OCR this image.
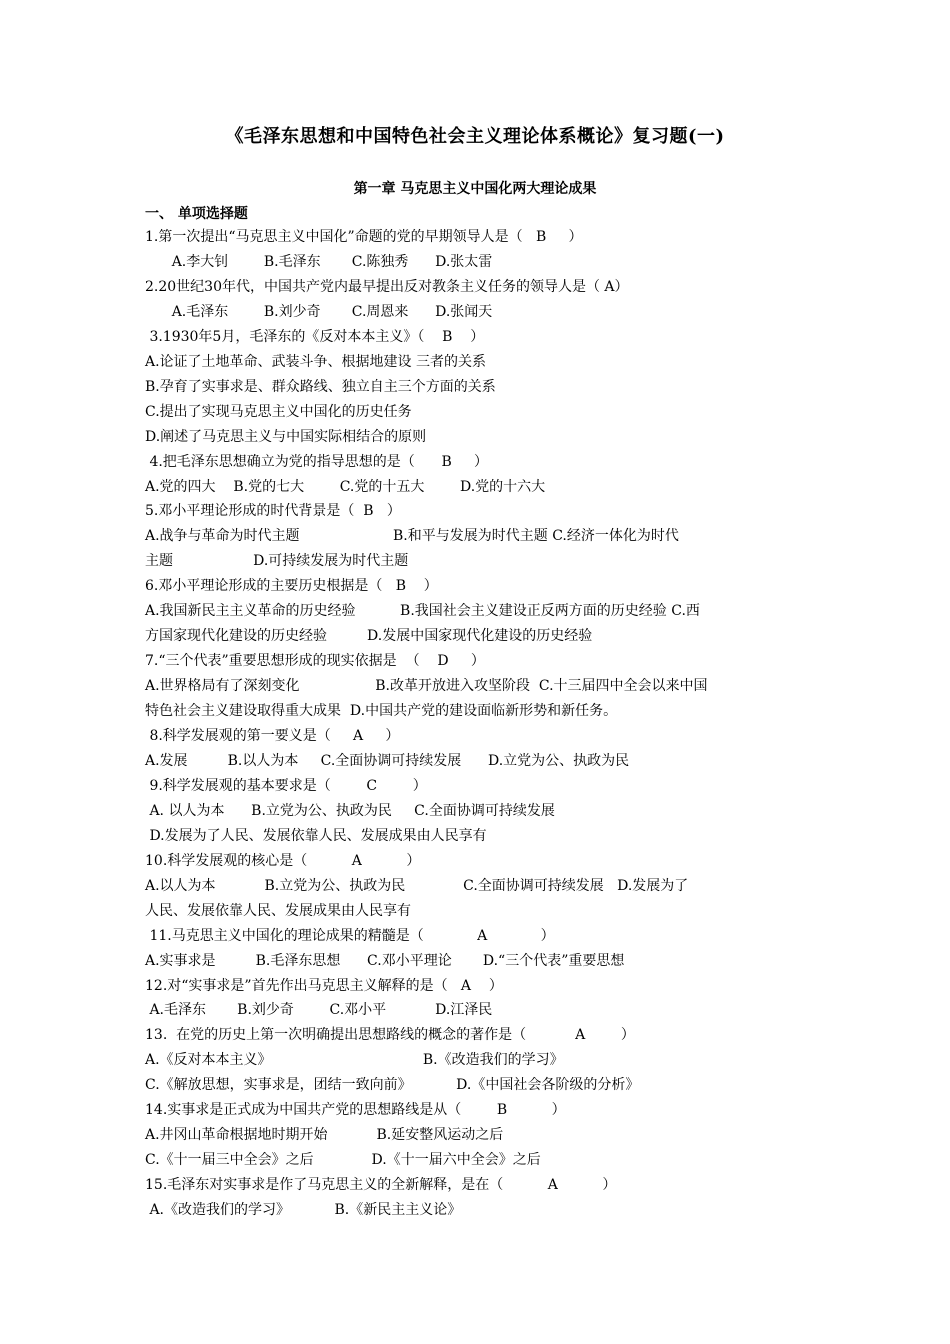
《毛泽东思想和中国特色社会主义理论体系概论》复习题(一)
第一章 马克思主义中国化两大理论成果
一、 单项选择题
1.第一次提出“马克思主义中国化”命题的党的早期领导人是（   B     ）
A.李大钊        B.毛泽东       C.陈独秀      D.张太雷
2.20世纪30年代，中国共产党内最早提出反对教条主义任务的领导人是（ A）
A.毛泽东        B.刘少奇       C.周恩来      D.张闻天
3.1930年5月，毛泽东的《反对本本主义》（    B    ）
A.论证了土地革命、武装斗争、根据地建设 三者的关系
B.孕育了实事求是、群众路线、独立自主三个方面的关系
C.提出了实现马克思主义中国化的历史任务
D.阐述了马克思主义与中国实际相结合的原则
4.把毛泽东思想确立为党的指导思想的是（      B     ）
A.党的四大    B.党的七大        C.党的十五大        D.党的十六大
5.邓小平理论形成的时代背景是（  B   ）
A.战争与革命为时代主题                     B.和平与发展为时代主题 C.经济一体化为时代
主题                  D.可持续发展为时代主题
6.邓小平理论形成的主要历史根据是（   B    ）
A.我国新民主主义革命的历史经验          B.我国社会主义建设正反两方面的历史经验 C.西
方国家现代化建设的历史经验         D.发展中国家现代化建设的历史经验
7.“三个代表”重要思想形成的现实依据是  （    D     ）
A.世界格局有了深刻变化                 B.改革开放进入攻坚阶段  C.十三届四中全会以来中国
特色社会主义建设取得重大成果  D.中国共产党的建设面临新形势和新任务。
8.科学发展观的第一要义是（     A     ）
A.发展         B.以人为本     C.全面协调可持续发展      D.立党为公、执政为民
9.科学发展观的基本要求是（        C        ）
A. 以人为本      B.立党为公、执政为民     C.全面协调可持续发展
D.发展为了人民、发展依靠人民、发展成果由人民享有
10.科学发展观的核心是（          A          ）
A.以人为本           B.立党为公、执政为民             C.全面协调可持续发展   D.发展为了
人民、发展依靠人民、发展成果由人民享有
11.马克思主义中国化的理论成果的精髓是（            A            ）
A.实事求是         B.毛泽东思想      C.邓小平理论       D.“三个代表”重要思想
12.对“实事求是”首先作出马克思主义解释的是（   A    ）
A.毛泽东       B.刘少奇        C.邓小平           D.江泽民
13.  在党的历史上第一次明确提出思想路线的概念的著作是（           A        ）
A.《反对本本主义》                                  B.《改造我们的学习》
C.《解放思想，实事求是，团结一致向前》          D.《中国社会各阶级的分析》
14.实事求是正式成为中国共产党的思想路线是从（        B          ）
A.井冈山革命根据地时期开始           B.延安整风运动之后
C.《十一届三中全会》之后             D.《十一届六中全会》之后
15.毛泽东对实事求是作了马克思主义的全新解释，是在（          A          ）
A.《改造我们的学习》          B.《新民主主义论》
